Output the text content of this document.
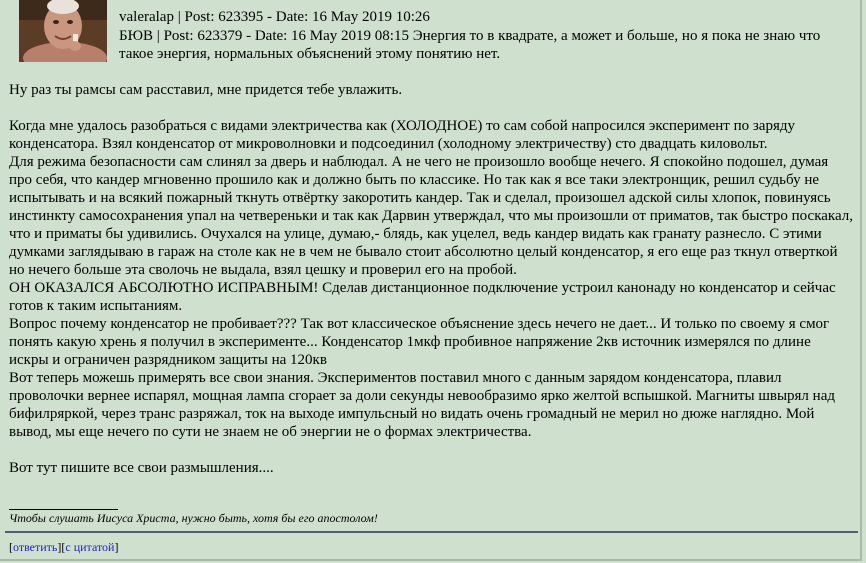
valeralap | Post: 623395 - Date: 16 May 2019 10:26
БЮВ | Post: 623379 - Date: 16 May 2019 08:15 Энергия то в квадрате, а может и больше, но я пока не знаю что такое энергия, нормальных объяснений этому понятию нет.

Ну раз ты рамсы сам расставил, мне придется тебе увлажить.

Когда мне удалось разобраться с видами электричества как (ХОЛОДНОЕ) то сам собой напросился эксперимент по заряду конденсатора. Взял конденсатор от микроволновки и подсоединил (холодному электричеству) сто двадцать киловольт.

Для режима безопасности сам слинял за дверь и наблюдал. А не чего не произошло вообще нечего. Я спокойно подошел, думая про себя, что кандер мгновенно прошило как и должно быть по классике. Но так как я все таки электронщик, решил судьбу не испытывать и на всякий пожарный ткнуть отвёртку закоротить кандер. Так и сделал, произошел адской силы хлопок, повинуясь инстинкту самосохранения упал на четвереньки и так как Дарвин утверждал, что мы произошли от приматов, так быстро поскакал, что и приматы бы удивились. Очухался на улице, думаю,- блядь, как уцелел, ведь кандер видать как гранату разнесло. С этими думками заглядываю в гараж на столе как не в чем не бывало стоит абсолютно целый конденсатор, я его еще раз ткнул отверткой но нечего больше эта сволочь не выдала, взял цешку и проверил его на пробой.

ОН ОКАЗАЛСЯ АБСОЛЮТНО ИСПРАВНЫМ! Сделав дистанционное подключение устроил канонаду но конденсатор и сейчас готов к таким испытаниям.

Вопрос почему конденсатор не пробивает??? Так вот классическое объяснение здесь нечего не дает... И только по своему я смог понять какую хрень я получил в эксперименте... Конденсатор 1мкф пробивное напряжение 2кв источник измерялся по длине искры и ограничен разрядником защиты на 120кв

Вот теперь можешь примерять все свои знания. Экспериментов поставил много с данным зарядом конденсатора, плавил проволочки вернее испарял, мощная лампа сгорает за доли секунды невообразимо ярко желтой вспышкой. Магниты швырял над бифилряркой, через транс разряжал, ток на выходе импульсный но видать очень громадный не мерил но дюже наглядно. Мой вывод, мы еще нечего по сути не знаем не об энергии не о формах электричества.

Вот тут пишите все свои размышления....

Чтобы слушать Иисуса Христа, нужно быть, хотя бы его апостолом!
[ответить][с цитатой]
